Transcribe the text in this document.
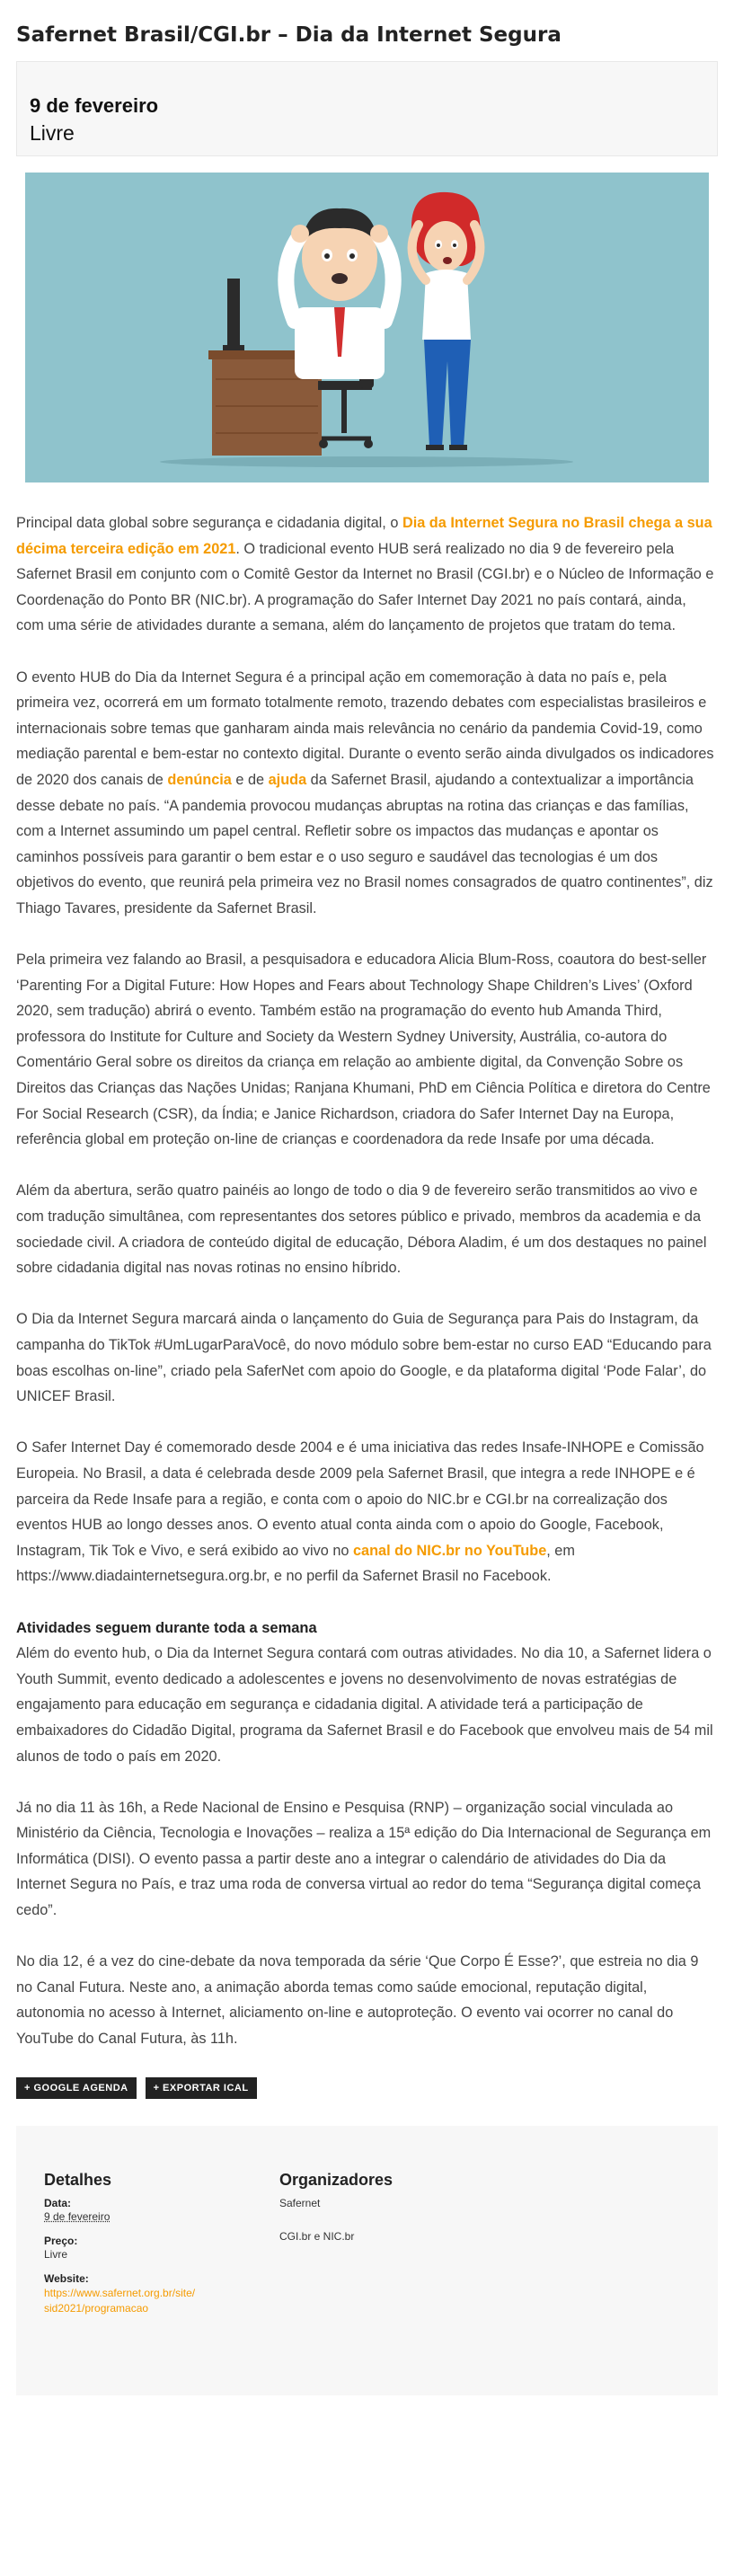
Safernet Brasil/CGI.br – Dia da Internet Segura
9 de fevereiro
Livre

Principal data global sobre segurança e cidadania digital, o Dia da Internet Segura no Brasil chega a sua décima terceira edição em 2021. O tradicional evento HUB será realizado no dia 9 de fevereiro pela Safernet Brasil em conjunto com o Comitê Gestor da Internet no Brasil (CGI.br) e o Núcleo de Informação e Coordenação do Ponto BR (NIC.br). A programação do Safer Internet Day 2021 no país contará, ainda, com uma série de atividades durante a semana, além do lançamento de projetos que tratam do tema.

O evento HUB do Dia da Internet Segura é a principal ação em comemoração à data no país e, pela primeira vez, ocorrerá em um formato totalmente remoto, trazendo debates com especialistas brasileiros e internacionais sobre temas que ganharam ainda mais relevância no cenário da pandemia Covid-19, como mediação parental e bem-estar no contexto digital. Durante o evento serão ainda divulgados os indicadores de 2020 dos canais de denúncia e de ajuda da Safernet Brasil, ajudando a contextualizar a importância desse debate no país. “A pandemia provocou mudanças abruptas na rotina das crianças e das famílias, com a Internet assumindo um papel central. Refletir sobre os impactos das mudanças e apontar os caminhos possíveis para garantir o bem estar e o uso seguro e saudável das tecnologias é um dos objetivos do evento, que reunirá pela primeira vez no Brasil nomes consagrados de quatro continentes”, diz Thiago Tavares, presidente da Safernet Brasil.

Pela primeira vez falando ao Brasil, a pesquisadora e educadora Alicia Blum-Ross, coautora do best-seller ‘Parenting For a Digital Future: How Hopes and Fears about Technology Shape Children’s Lives’ (Oxford 2020, sem tradução) abrirá o evento. Também estão na programação do evento hub Amanda Third, professora do Institute for Culture and Society da Western Sydney University, Austrália, co-autora do Comentário Geral sobre os direitos da criança em relação ao ambiente digital, da Convenção Sobre os Direitos das Crianças das Nações Unidas; Ranjana Khumani, PhD em Ciência Política e diretora do Centre For Social Research (CSR), da Índia; e Janice Richardson, criadora do Safer Internet Day na Europa, referência global em proteção on-line de crianças e coordenadora da rede Insafe por uma década.

Além da abertura, serão quatro painéis ao longo de todo o dia 9 de fevereiro serão transmitidos ao vivo e com tradução simultânea, com representantes dos setores público e privado, membros da academia e da sociedade civil. A criadora de conteúdo digital de educação, Débora Aladim, é um dos destaques no painel sobre cidadania digital nas novas rotinas no ensino híbrido.

O Dia da Internet Segura marcará ainda o lançamento do Guia de Segurança para Pais do Instagram, da campanha do TikTok #UmLugarParaVocê, do novo módulo sobre bem-estar no curso EAD “Educando para boas escolhas on-line”, criado pela SaferNet com apoio do Google, e da plataforma digital ‘Pode Falar’, do UNICEF Brasil.

O Safer Internet Day é comemorado desde 2004 e é uma iniciativa das redes Insafe-INHOPE e Comissão Europeia. No Brasil, a data é celebrada desde 2009 pela Safernet Brasil, que integra a rede INHOPE e é parceira da Rede Insafe para a região, e conta com o apoio do NIC.br e CGI.br na correalização dos eventos HUB ao longo desses anos. O evento atual conta ainda com o apoio do Google, Facebook, Instagram, Tik Tok e Vivo, e será exibido ao vivo no canal do NIC.br no YouTube, em https://www.diadainternetsegura.org.br, e no perfil da Safernet Brasil no Facebook.

Atividades seguem durante toda a semana

Além do evento hub, o Dia da Internet Segura contará com outras atividades. No dia 10, a Safernet lidera o Youth Summit, evento dedicado a adolescentes e jovens no desenvolvimento de novas estratégias de engajamento para educação em segurança e cidadania digital. A atividade terá a participação de embaixadores do Cidadão Digital, programa da Safernet Brasil e do Facebook que envolveu mais de 54 mil alunos de todo o país em 2020.

Já no dia 11 às 16h, a Rede Nacional de Ensino e Pesquisa (RNP) – organização social vinculada ao Ministério da Ciência, Tecnologia e Inovações – realiza a 15ª edição do Dia Internacional de Segurança em Informática (DISI). O evento passa a partir deste ano a integrar o calendário de atividades do Dia da Internet Segura no País, e traz uma roda de conversa virtual ao redor do tema “Segurança digital começa cedo”.

No dia 12, é a vez do cine-debate da nova temporada da série ‘Que Corpo É Esse?’, que estreia no dia 9 no Canal Futura. Neste ano, a animação aborda temas como saúde emocional, reputação digital, autonomia no acesso à Internet, aliciamento on-line e autoproteção. O evento vai ocorrer no canal do YouTube do Canal Futura, às 11h.

+ GOOGLE AGENDA	+ EXPORTAR ICAL
Detalhes
Data:
9 de fevereiro
Preço:
Livre
Website:
https://www.safernet.org.br/site/sid2021/programacao
Organizadores
Safernet
CGI.br e NIC.br
